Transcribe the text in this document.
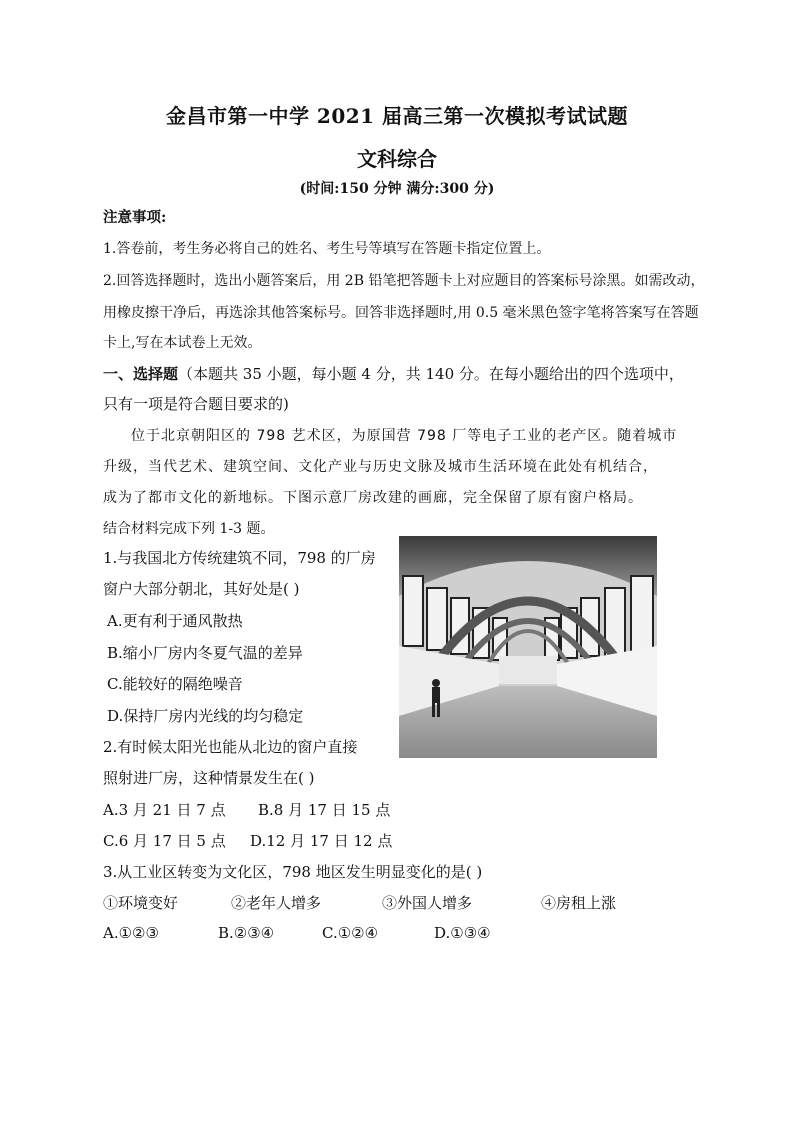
金昌市第一中学 2021 届高三第一次模拟考试试题
文科综合
(时间:150 分钟 满分:300 分)
注意事项:
1.答卷前，考生务必将自己的姓名、考生号等填写在答题卡指定位置上。
2.回答选择题时，选出小题答案后，用 2B 铅笔把答题卡上对应题目的答案标号涂黑。如需改动，
用橡皮擦干净后，再选涂其他答案标号。回答非选择题时,用 0.5 毫米黑色签字笔将答案写在答题
卡上,写在本试卷上无效。
一、选择题（本题共 35 小题，每小题 4 分，共 140 分。在每小题给出的四个选项中，
只有一项是符合题目要求的)
位于北京朝阳区的 798 艺术区，为原国营 798 厂等电子工业的老产区。随着城市
升级，当代艺术、建筑空间、文化产业与历史文脉及城市生活环境在此处有机结合，
成为了都市文化的新地标。下图示意厂房改建的画廊，完全保留了原有窗户格局。
结合材料完成下列 1-3 题。
1.与我国北方传统建筑不同，798 的厂房
窗户大部分朝北，其好处是( )
A.更有利于通风散热
B.缩小厂房内冬夏气温的差异
C.能较好的隔绝噪音
D.保持厂房内光线的均匀稳定
2.有时候太阳光也能从北边的窗户直接
照射进厂房，这种情景发生在( )
A.3 月 21 日 7 点 B.8 月 17 日 15 点
C.6 月 17 日 5 点 D.12 月 17 日 12 点
3.从工业区转变为文化区，798 地区发生明显变化的是( )
①环境变好	②老年人增多	③外国人增多	④房租上涨
A.①②③	B.②③④	C.①②④	D.①③④
